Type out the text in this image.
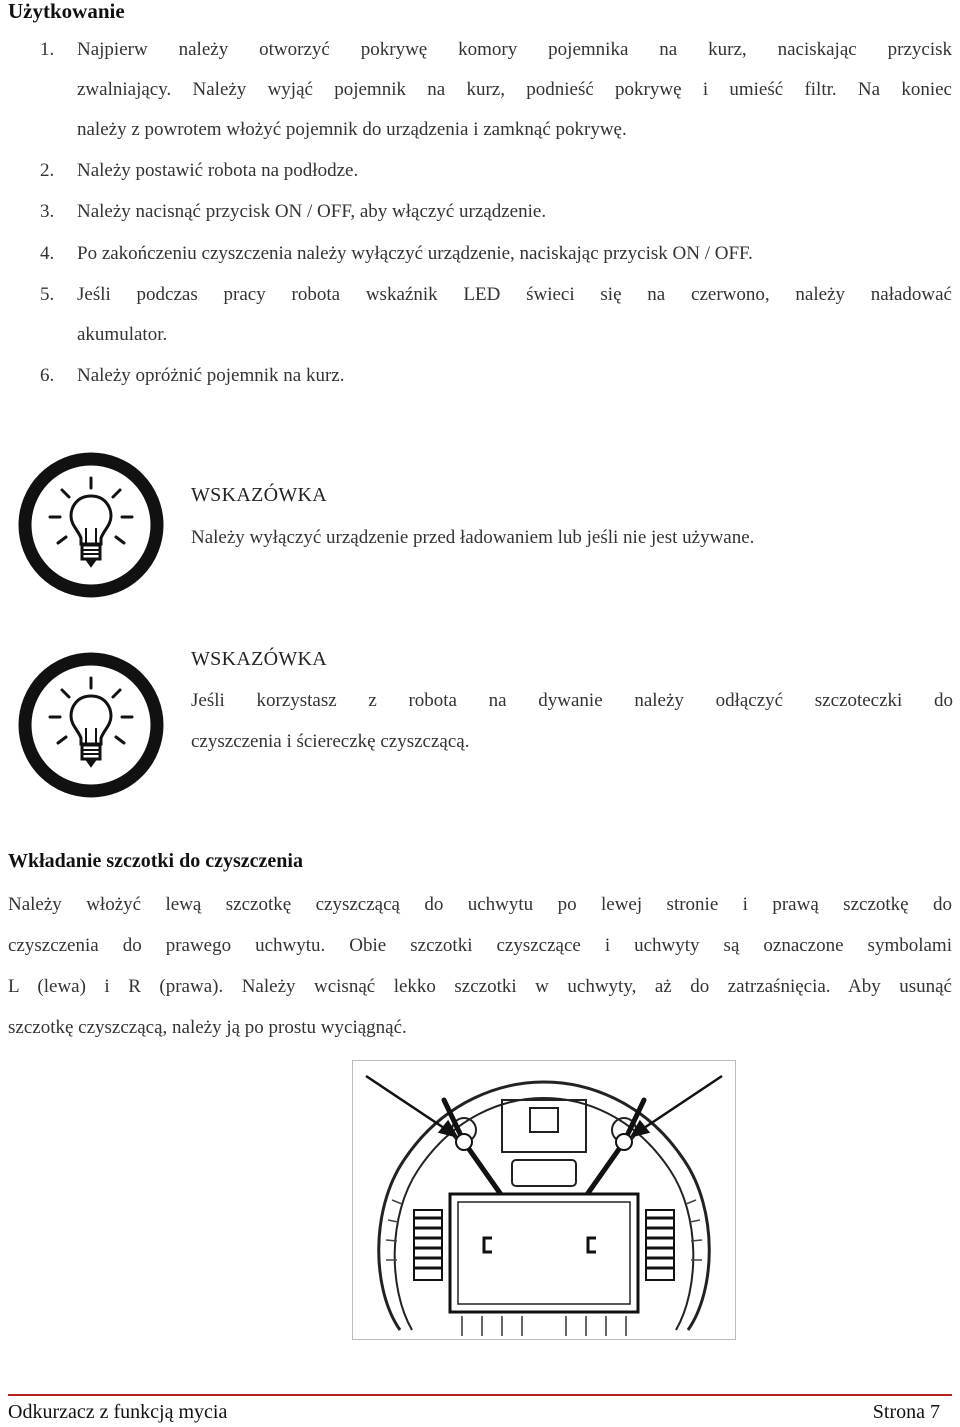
Użytkowanie
1. Najpierw należy otworzyć pokrywę komory pojemnika na kurz, naciskając przycisk
zwalniający. Należy wyjąć pojemnik na kurz, podnieść pokrywę i umieść filtr. Na koniec
należy z powrotem włożyć pojemnik do urządzenia i zamknąć pokrywę.
2. Należy postawić robota na podłodze.
3. Należy nacisnąć przycisk ON / OFF, aby włączyć urządzenie.
4. Po zakończeniu czyszczenia należy wyłączyć urządzenie, naciskając przycisk ON / OFF.
5. Jeśli podczas pracy robota wskaźnik LED świeci się na czerwono, należy naładować
akumulator.
6. Należy opróżnić pojemnik na kurz.
WSKAZÓWKA
Należy wyłączyć urządzenie przed ładowaniem lub jeśli nie jest używane.
WSKAZÓWKA
Jeśli korzystasz z robota na dywanie należy odłączyć szczoteczki do
czyszczenia i ściereczkę czyszczącą.
Wkładanie szczotki do czyszczenia
Należy włożyć lewą szczotkę czyszczącą do uchwytu po lewej stronie i prawą szczotkę do
czyszczenia do prawego uchwytu. Obie szczotki czyszczące i uchwyty są oznaczone symbolami
L (lewa) i R (prawa). Należy wcisnąć lekko szczotki w uchwyty, aż do zatrzaśnięcia. Aby usunąć
szczotkę czyszczącą, należy ją po prostu wyciągnąć.
Odkurzacz z funkcją mycia	Strona 7
